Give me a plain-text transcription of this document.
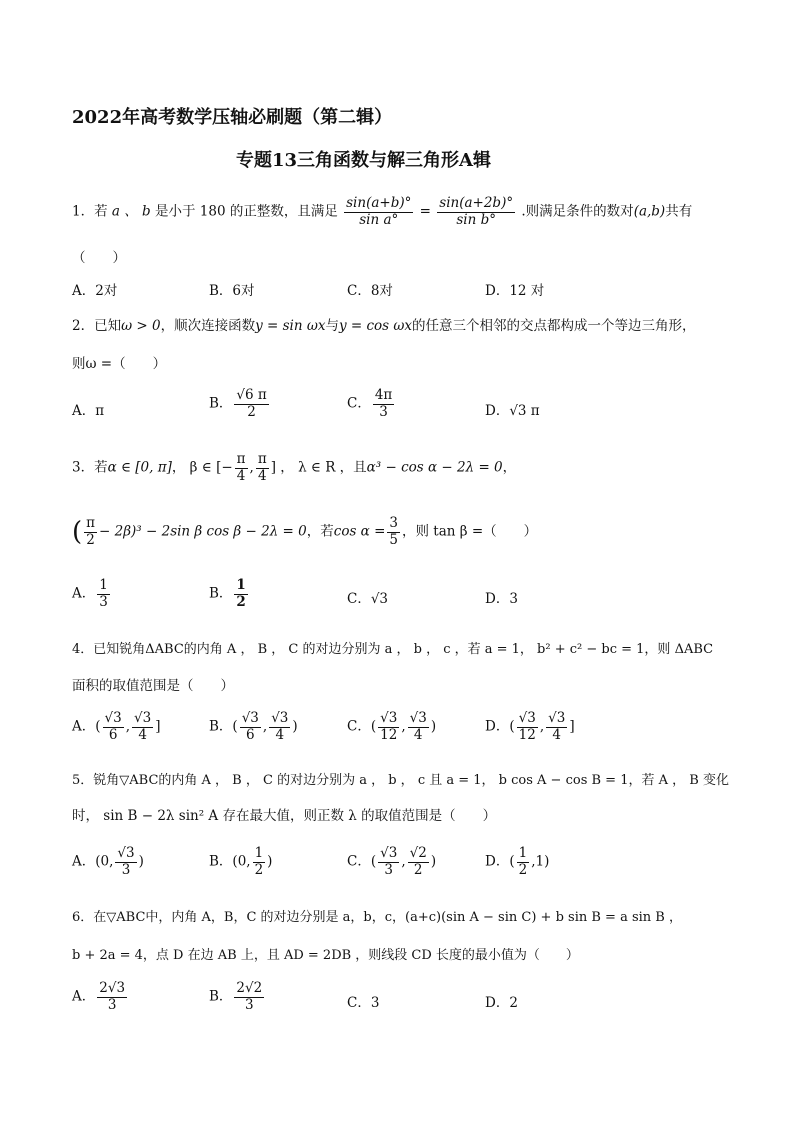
2022年高考数学压轴必刷题（第二辑）
专题13三角函数与解三角形A辑
1．若 a 、 b 是小于 180 的正整数，且满足 $\frac{\sin(a+b)^\circ}{\text{sin a°}} = \frac{\sin(a+2b)^\circ}{\text{sin b°}}$ .则满足条件的数对(a,b)共有
（　　）
A．2对	B．6对	C．8对	D．12 对
2．已知ω > 0，顺次连接函数y = sin ωx与y = cos ωx的任意三个相邻的交点都构成一个等边三角形，
则ω =（　　）
A．π	B． $\frac{√6 \pi}{2}$	C． $\frac{4\pi}{3}$	D．√3 π
3．若α ∈ [0, π]， β ∈ [− $\frac{\pi}{4}$ , $\frac{\pi}{4}$ ] ， λ ∈ R ，且α³ − cos α − 2λ = 0，
( $\frac{\pi}{2} - 2\beta)^3 - 2\sin$ β cos β − 2λ = 0，若$\cos \alpha = \frac{3}{5}$ ，则 tan β =（　　）
A． $\frac{1}{3}$	B． $\frac{1}{2}$	C．√3	D．3
4．已知锐角ΔABC的内角 A ， B ， C 的对边分别为 a ， b ， c ，若 a = 1， b² + c² − bc = 1，则 ΔABC
面积的取值范围是（　　）
A．( $\frac{√3}{6}$ , $\frac{√3}{4}$ ]	B．( $\frac{√3}{6}$ , $\frac{√3}{4}$ )	C．( $\frac{√3}{12}$ , $\frac{√3}{4}$ )	D．( $\frac{√3}{12}$ , $\frac{√3}{4}$ ]
5．锐角▽ABC的内角 A ， B ， C 的对边分别为 a ， b ， c 且 a = 1， b cos A − cos B = 1，若 A ， B 变化
时， sin B − 2λ sin² A 存在最大值，则正数 λ 的取值范围是（　　）
A．(0, $\frac{√3}{3}$ )	B．(0, $\frac{1}{2}$ )	C．( $\frac{√3}{3}$ , $\frac{√2}{2}$ )	D．( $\frac{1}{2} ,1$)
6．在▽ABC中，内角 A，B，C 的对边分别是 a，b，c，(a+c)(sin A − sin C) + b sin B = a sin B ，
b + 2a = 4，点 D 在边 AB 上，且 AD = 2DB ，则线段 CD 长度的最小值为（　　）
A． $\frac{2√3}{3}$	B． $\frac{2√2}{3}$	C．3	D．2
